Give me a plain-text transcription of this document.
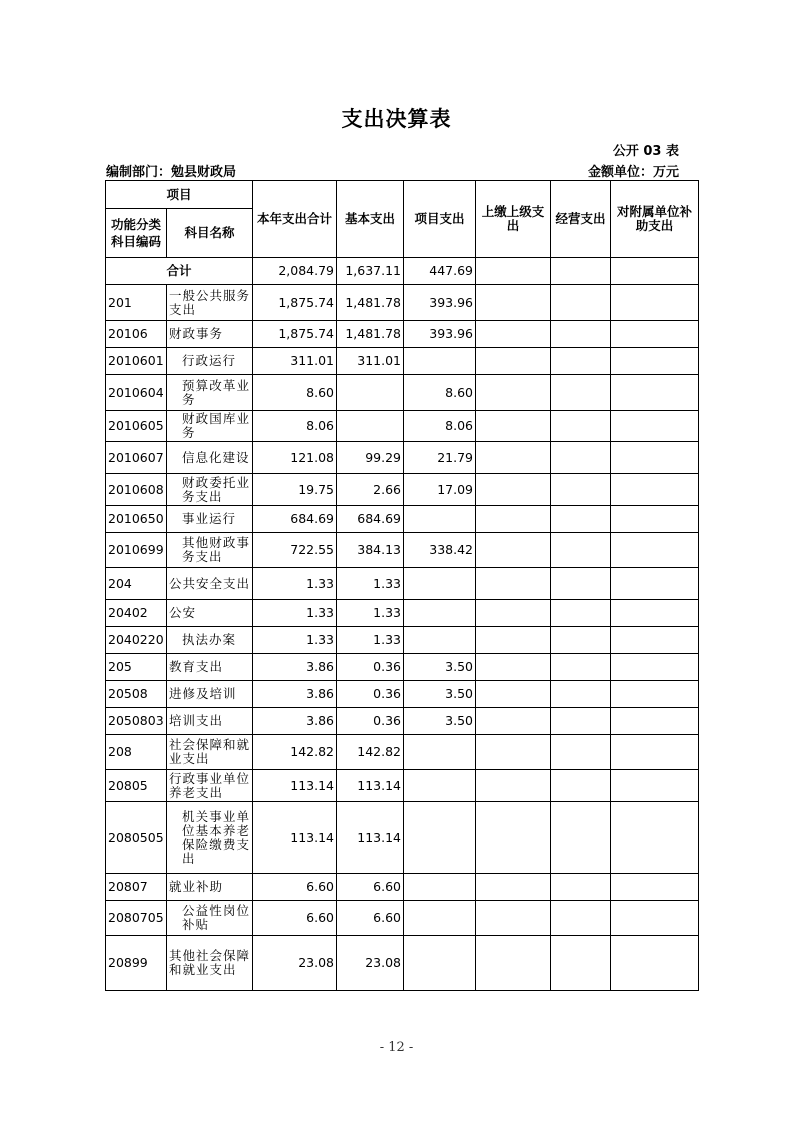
支出决算表
公开 03 表
编制部门：勉县财政局	金额单位：万元
项目		本年支出合计	基本支出	项目支出	上缴上级支出	经营支出	对附属单位补助支出
功能分类科目编码	科目名称						
合计		2,084.79	1,637.11	447.69			
201	一般公共服务支出	1,875.74	1,481.78	393.96			
20106	财政事务	1,875.74	1,481.78	393.96			
2010601	行政运行	311.01	311.01				
2010604	预算改革业务	8.60		8.60			
2010605	财政国库业务	8.06		8.06			
2010607	信息化建设	121.08	99.29	21.79			
2010608	财政委托业务支出	19.75	2.66	17.09			
2010650	事业运行	684.69	684.69				
2010699	其他财政事务支出	722.55	384.13	338.42			
204	公共安全支出	1.33	1.33				
20402	公安	1.33	1.33				
2040220	执法办案	1.33	1.33				
205	教育支出	3.86	0.36	3.50			
20508	进修及培训	3.86	0.36	3.50			
2050803	培训支出	3.86	0.36	3.50			
208	社会保障和就业支出	142.82	142.82				
20805	行政事业单位养老支出	113.14	113.14				
2080505	机关事业单位基本养老保险缴费支出	113.14	113.14				
20807	就业补助	6.60	6.60				
2080705	公益性岗位补贴	6.60	6.60				
20899	其他社会保障和就业支出	23.08	23.08				
- 12 -
